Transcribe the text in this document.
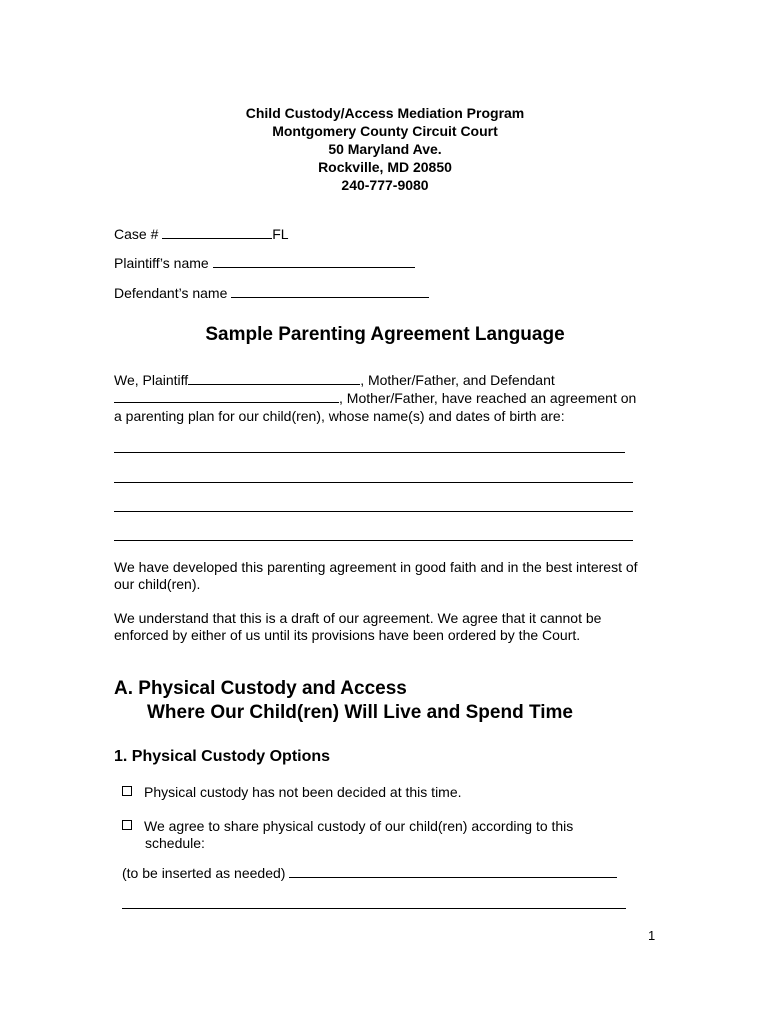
Child Custody/Access Mediation Program
Montgomery County Circuit Court
50 Maryland Ave.
Rockville, MD 20850
240-777-9080
Case #	FL
Plaintiff’s name
Defendant’s name
Sample Parenting Agreement Language
We, Plaintiff	, Mother/Father, and Defendant
, Mother/Father, have reached an agreement on
a parenting plan for our child(ren), whose name(s) and dates of birth are:
We have developed this parenting agreement in good faith and in the best interest of our child(ren).
We understand that this is a draft of our agreement. We agree that it cannot be enforced by either of us until its provisions have been ordered by the Court.
A. Physical Custody and Access
Where Our Child(ren) Will Live and Spend Time
1. Physical Custody Options
Physical custody has not been decided at this time.
We agree to share physical custody of our child(ren) according to this
schedule:
(to be inserted as needed)
1
